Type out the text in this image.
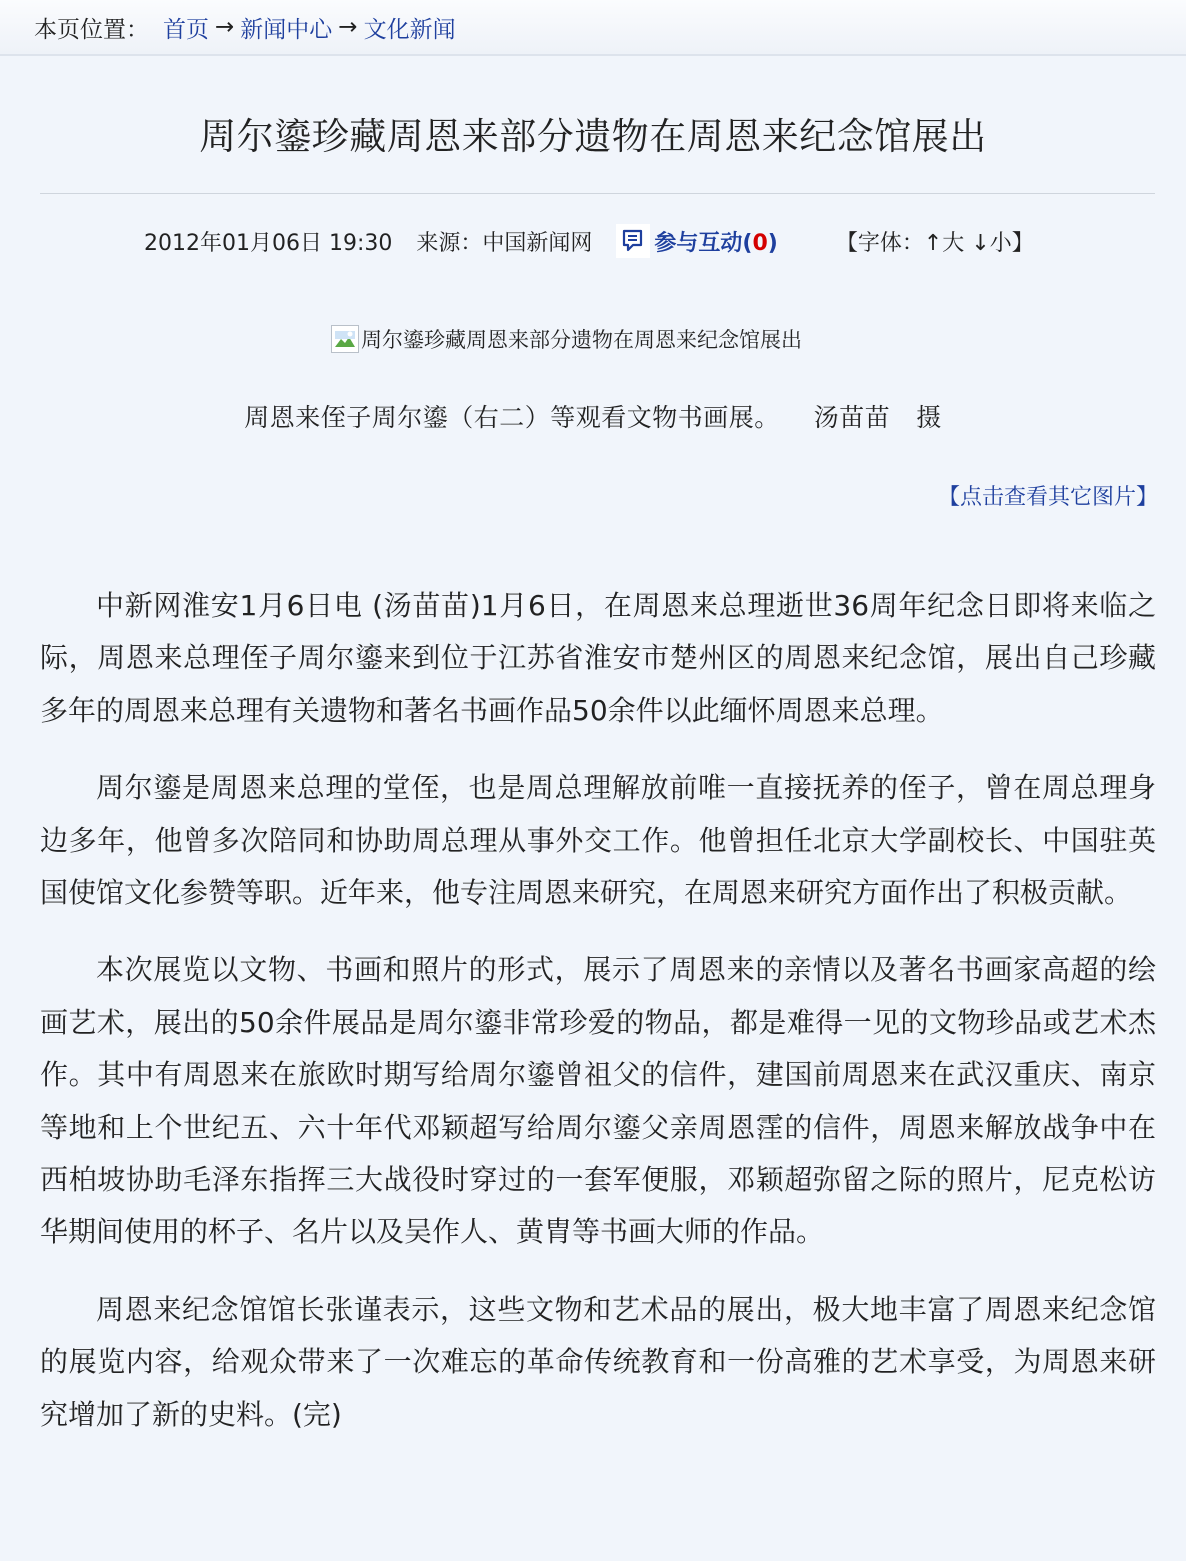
本页位置： 首页 → 新闻中心 → 文化新闻
周尔鎏珍藏周恩来部分遗物在周恩来纪念馆展出
2012年01月06日 19:30 来源：中国新闻网	参与互动(0)	【字体：↑大 ↓小】
周尔鎏珍藏周恩来部分遗物在周恩来纪念馆展出
周恩来侄子周尔鎏（右二）等观看文物书画展。 汤苗苗 摄
【点击查看其它图片】

中新网淮安1月6日电 (汤苗苗)1月6日，在周恩来总理逝世36周年纪念日即将来临之际，周恩来总理侄子周尔鎏来到位于江苏省淮安市楚州区的周恩来纪念馆，展出自己珍藏多年的周恩来总理有关遗物和著名书画作品50余件以此缅怀周恩来总理。

周尔鎏是周恩来总理的堂侄，也是周总理解放前唯一直接抚养的侄子，曾在周总理身边多年，他曾多次陪同和协助周总理从事外交工作。他曾担任北京大学副校长、中国驻英国使馆文化参赞等职。近年来，他专注周恩来研究，在周恩来研究方面作出了积极贡献。

本次展览以文物、书画和照片的形式，展示了周恩来的亲情以及著名书画家高超的绘画艺术，展出的50余件展品是周尔鎏非常珍爱的物品，都是难得一见的文物珍品或艺术杰作。其中有周恩来在旅欧时期写给周尔鎏曾祖父的信件，建国前周恩来在武汉重庆、南京等地和上个世纪五、六十年代邓颖超写给周尔鎏父亲周恩霔的信件，周恩来解放战争中在西柏坡协助毛泽东指挥三大战役时穿过的一套军便服，邓颖超弥留之际的照片，尼克松访华期间使用的杯子、名片以及吴作人、黄胄等书画大师的作品。

周恩来纪念馆馆长张谨表示，这些文物和艺术品的展出，极大地丰富了周恩来纪念馆的展览内容，给观众带来了一次难忘的革命传统教育和一份高雅的艺术享受，为周恩来研究增加了新的史料。(完)
